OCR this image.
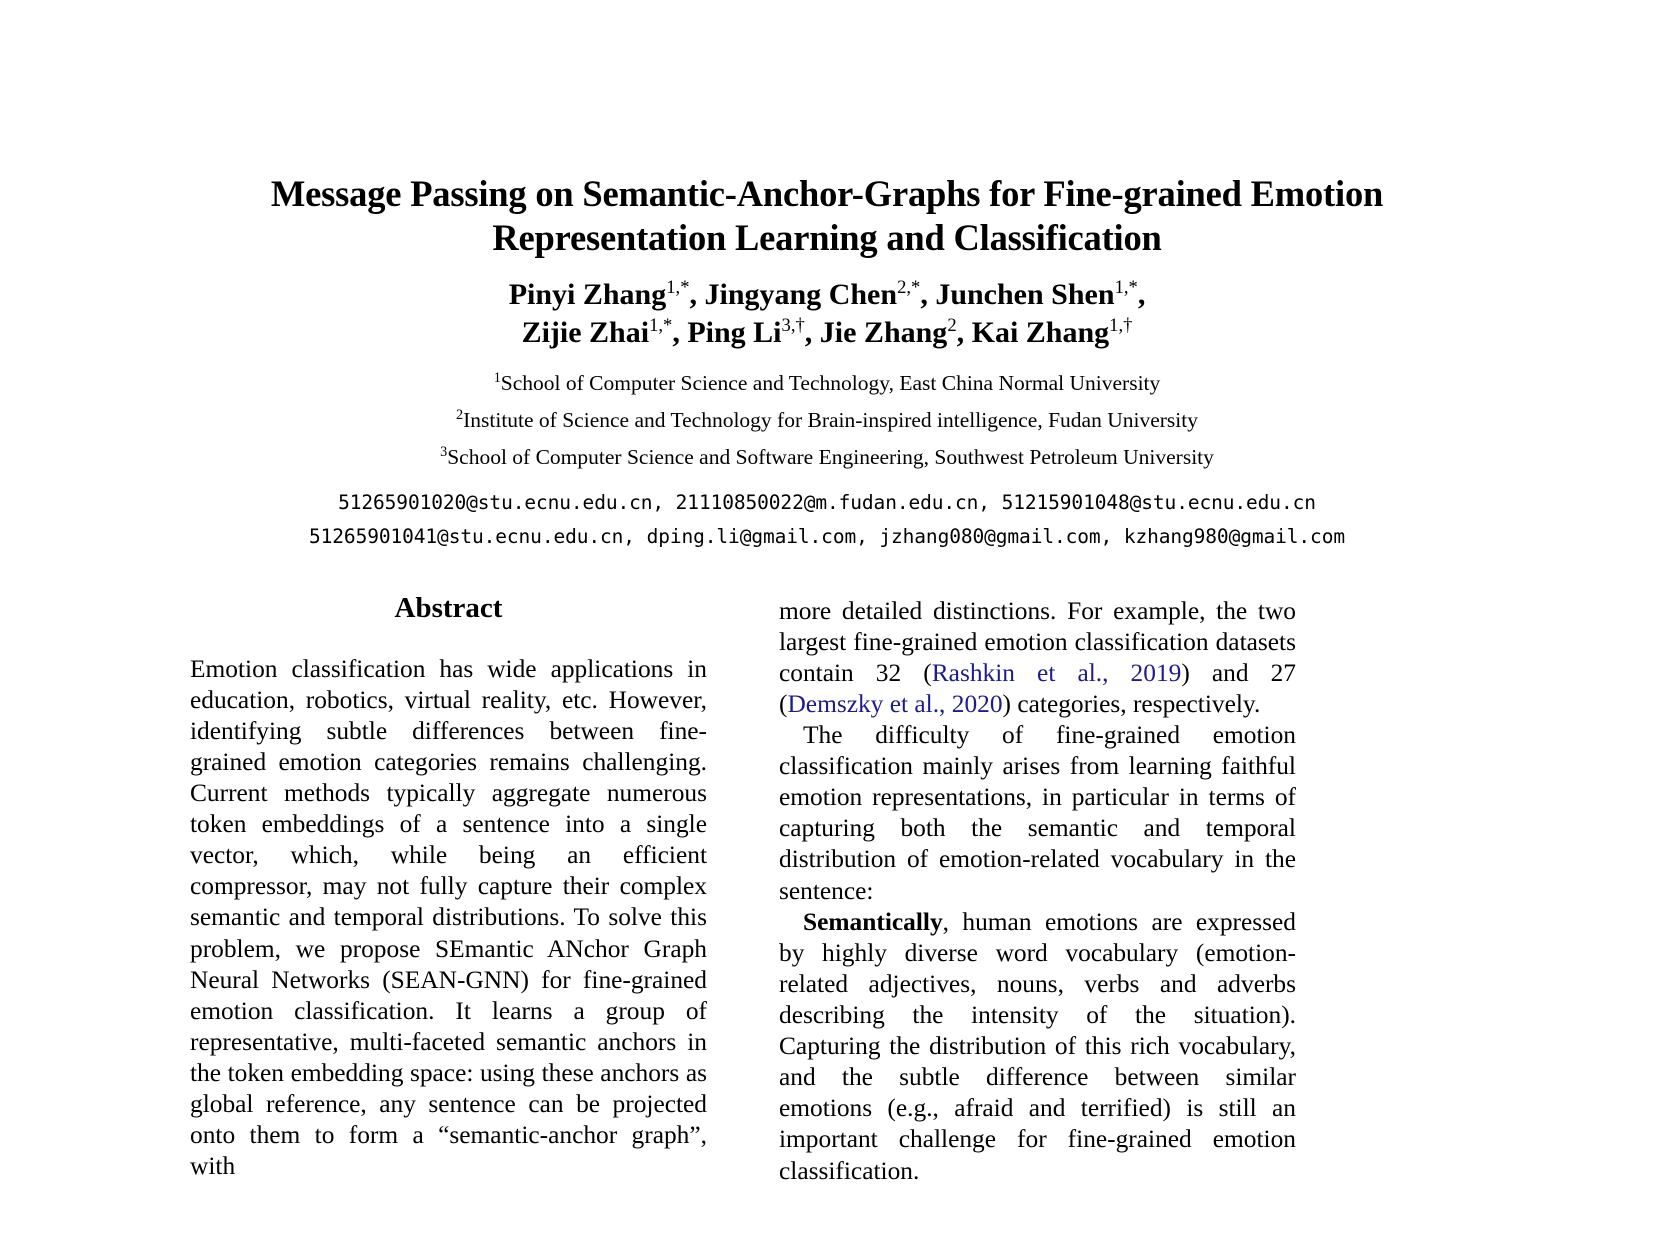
Message Passing on Semantic-Anchor-Graphs for Fine-grained Emotion Representation Learning and Classification
Pinyi Zhang$^{1,*}$, Jingyang Chen$^{2,*}$, Junchen Shen$^{1,*}$,
Zijie Zhai$^{1,*}$, Ping Li$^{3,\dagger}$, Jie Zhang$^2$, Kai Zhang$^{1,\dagger}$
$^1$School of Computer Science and Technology, East China Normal University
$^2$Institute of Science and Technology for Brain-inspired intelligence, Fudan University
$^3$School of Computer Science and Software Engineering, Southwest Petroleum University
51265901020@stu.ecnu.edu.cn, 21110850022@m.fudan.edu.cn, 51215901048@stu.ecnu.edu.cn
51265901041@stu.ecnu.edu.cn, dping.li@gmail.com, jzhang080@gmail.com, kzhang980@gmail.com
Abstract

Emotion classification has wide applications in education, robotics, virtual reality, etc. However, identifying subtle differences between fine-grained emotion categories remains challenging. Current methods typically aggregate numerous token embeddings of a sentence into a single vector, which, while being an efficient compressor, may not fully capture their complex semantic and temporal distributions. To solve this problem, we propose SEmantic ANchor Graph Neural Networks (SEAN-GNN) for fine-grained emotion classification. It learns a group of representative, multi-faceted semantic anchors in the token embedding space: using these anchors as global reference, any sentence can be projected onto them to form a “semantic-anchor graph”, with

more detailed distinctions. For example, the two largest fine-grained emotion classification datasets contain 32 (Rashkin et al., 2019) and 27 (Demszky et al., 2020) categories, respectively.

The difficulty of fine-grained emotion classification mainly arises from learning faithful emotion representations, in particular in terms of capturing both the semantic and temporal distribution of emotion-related vocabulary in the sentence:

Semantically, human emotions are expressed by highly diverse word vocabulary (emotion-related adjectives, nouns, verbs and adverbs describing the intensity of the situation). Capturing the distribution of this rich vocabulary, and the subtle difference between similar emotions (e.g., afraid and terrified) is still an important challenge for fine-grained emotion classification.
